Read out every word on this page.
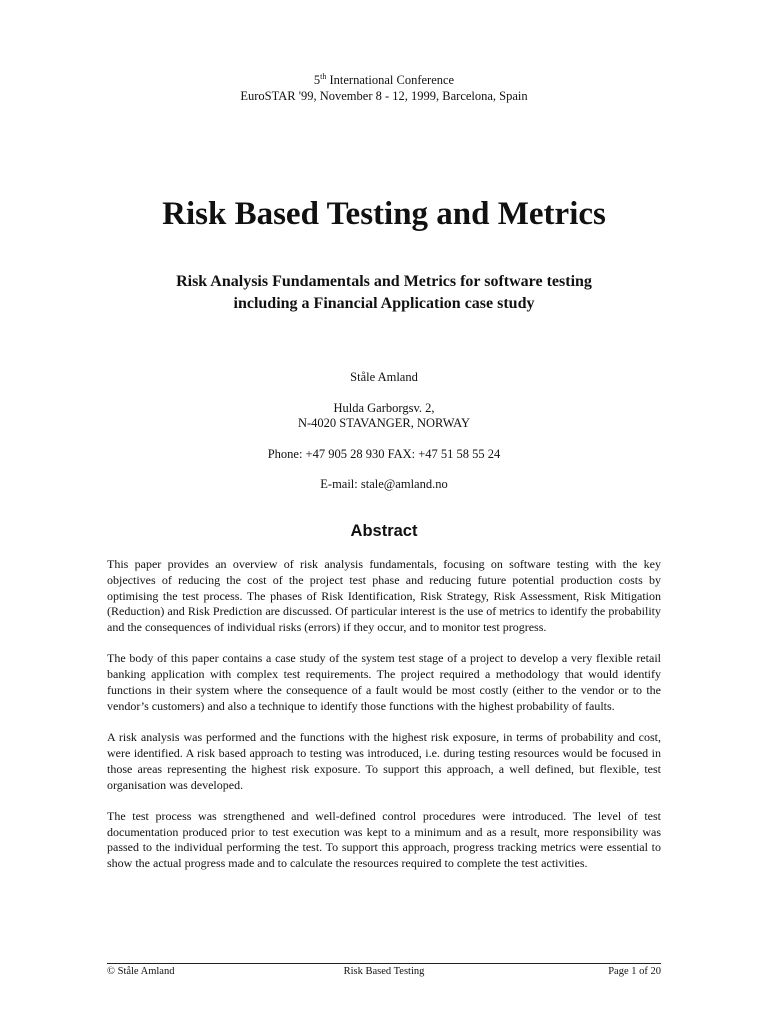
5th International Conference
EuroSTAR '99, November 8 - 12, 1999, Barcelona, Spain
Risk Based Testing and Metrics
Risk Analysis Fundamentals and Metrics for software testing
including a Financial Application case study

Ståle Amland

Hulda Garborgsv. 2,

N-4020 STAVANGER, NORWAY

Phone: +47 905 28 930 FAX: +47 51 58 55 24

E-mail: stale@amland.no

Abstract

This paper provides an overview of risk analysis fundamentals, focusing on software testing with the key objectives of reducing the cost of the project test phase and reducing future potential production costs by optimising the test process. The phases of Risk Identification, Risk Strategy, Risk Assessment, Risk Mitigation (Reduction) and Risk Prediction are discussed. Of particular interest is the use of metrics to identify the probability and the consequences of individual risks (errors) if they occur, and to monitor test progress.

The body of this paper contains a case study of the system test stage of a project to develop a very flexible retail banking application with complex test requirements. The project required a methodology that would identify functions in their system where the consequence of a fault would be most costly (either to the vendor or to the vendor’s customers) and also a technique to identify those functions with the highest probability of faults.

A risk analysis was performed and the functions with the highest risk exposure, in terms of probability and cost, were identified. A risk based approach to testing was introduced, i.e. during testing resources would be focused in those areas representing the highest risk exposure. To support this approach, a well defined, but flexible, test organisation was developed.

The test process was strengthened and well-defined control procedures were introduced. The level of test documentation produced prior to test execution was kept to a minimum and as a result, more responsibility was passed to the individual performing the test. To support this approach, progress tracking metrics were essential to show the actual progress made and to calculate the resources required to complete the test activities.

© Ståle Amland	Risk Based Testing	Page 1 of 20
